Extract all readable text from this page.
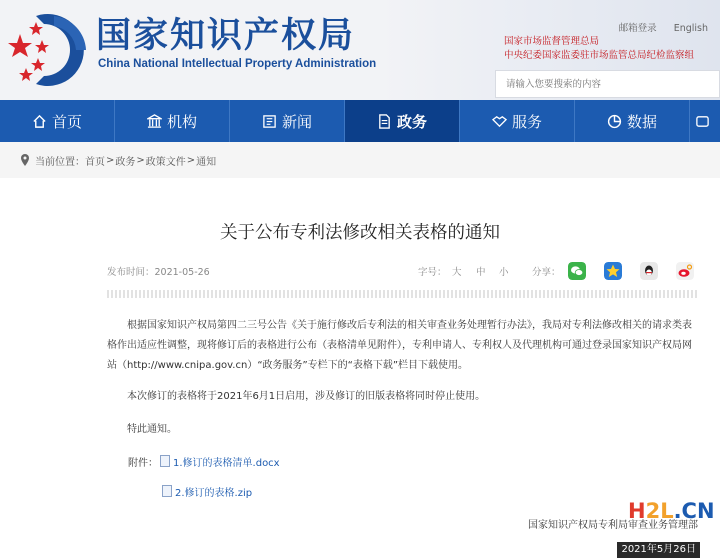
国家知识产权局
China National Intellectual Property Administration
邮箱登录 English
国家市场监督管理总局
中央纪委国家监委驻市场监管总局纪检监察组
请输入您要搜索的内容
首页	机构	新闻	政务	服务	数据
当前位置： 首页 > 政务 > 政策文件 > 通知
关于公布专利法修改相关表格的通知
发布时间：2021-05-26	字号： 大 中 小 分享：
根据国家知识产权局第四二三号公告《关于施行修改后专利法的相关审查业务处理暂行办法》，我局对专利法修改相关的请求类表格作出适应性调整，现将修订后的表格进行公布（表格清单见附件），专利申请人、专利权人及代理机构可通过登录国家知识产权局网站（http://www.cnipa.gov.cn）“政务服务”专栏下的“表格下载”栏目下载使用。
本次修订的表格将于2021年6月1日启用，涉及修订的旧版表格将同时停止使用。
特此通知。
附件：	1.修订的表格清单.docx
2.修订的表格.zip
H2L.CN
国家知识产权局专利局审查业务管理部
2021年5月26日
